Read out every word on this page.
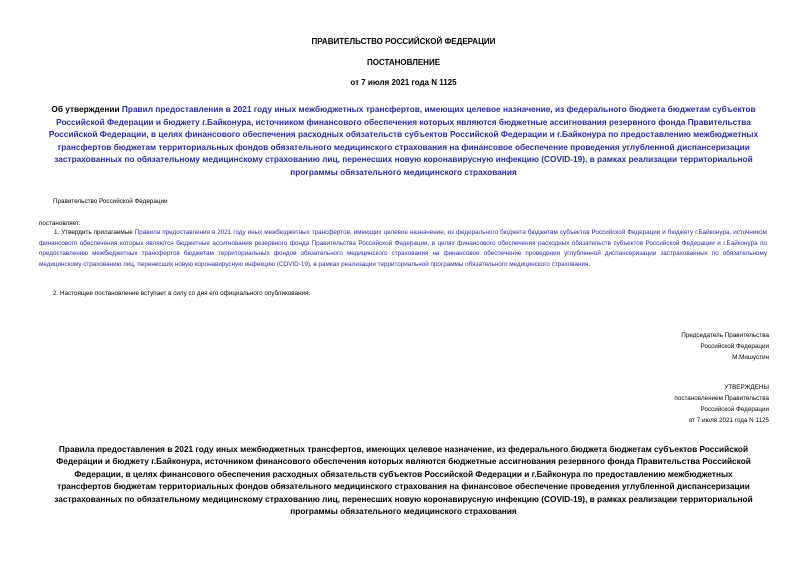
ПРАВИТЕЛЬСТВО РОССИЙСКОЙ ФЕДЕРАЦИИ
ПОСТАНОВЛЕНИЕ
от 7 июля 2021 года N 1125
Об утверждении Правил предоставления в 2021 году иных межбюджетных трансфертов, имеющих целевое назначение, из федерального бюджета бюджетам субъектов Российской Федерации и бюджету г.Байконура, источником финансового обеспечения которых являются бюджетные ассигнования резервного фонда Правительства Российской Федерации, в целях финансового обеспечения расходных обязательств субъектов Российской Федерации и г.Байконура по предоставлению межбюджетных трансфертов бюджетам территориальных фондов обязательного медицинского страхования на финансовое обеспечение проведения углубленной диспансеризации застрахованных по обязательному медицинскому страхованию лиц, перенесших новую коронавирусную инфекцию (COVID-19), в рамках реализации территориальной программы обязательного медицинского страхования
Правительство Российской Федерации
постановляет:
1. Утвердить прилагаемые Правила предоставления в 2021 году иных межбюджетных трансфертов, имеющих целевое назначение, из федерального бюджета бюджетам субъектов Российской Федерации и бюджету г.Байконура, источником финансового обеспечения которых являются бюджетные ассигнования резервного фонда Правительства Российской Федерации, в целях финансового обеспечения расходных обязательств субъектов Российской Федерации и г.Байконура по предоставлению межбюджетных трансфертов бюджетам территориальных фондов обязательного медицинского страхования на финансовое обеспечение проведения углубленной диспансеризации застрахованных по обязательному медицинскому страхованию лиц, перенесших новую коронавирусную инфекцию (COVID-19), в рамках реализации территориальной программы обязательного медицинского страхования.
2. Настоящее постановление вступает в силу со дня его официального опубликования.
Председатель Правительства
Российской Федерации
М.Мишустин
УТВЕРЖДЕНЫ
постановлением Правительства
Российской Федерации
от 7 июля 2021 года N 1125
Правила предоставления в 2021 году иных межбюджетных трансфертов, имеющих целевое назначение, из федерального бюджета бюджетам субъектов Российской Федерации и бюджету г.Байконура, источником финансового обеспечения которых являются бюджетные ассигнования резервного фонда Правительства Российской Федерации, в целях финансового обеспечения расходных обязательств субъектов Российской Федерации и г.Байконура по предоставлению межбюджетных трансфертов бюджетам территориальных фондов обязательного медицинского страхования на финансовое обеспечение проведения углубленной диспансеризации застрахованных по обязательному медицинскому страхованию лиц, перенесших новую коронавирусную инфекцию (COVID-19), в рамках реализации территориальной программы обязательного медицинского страхования
